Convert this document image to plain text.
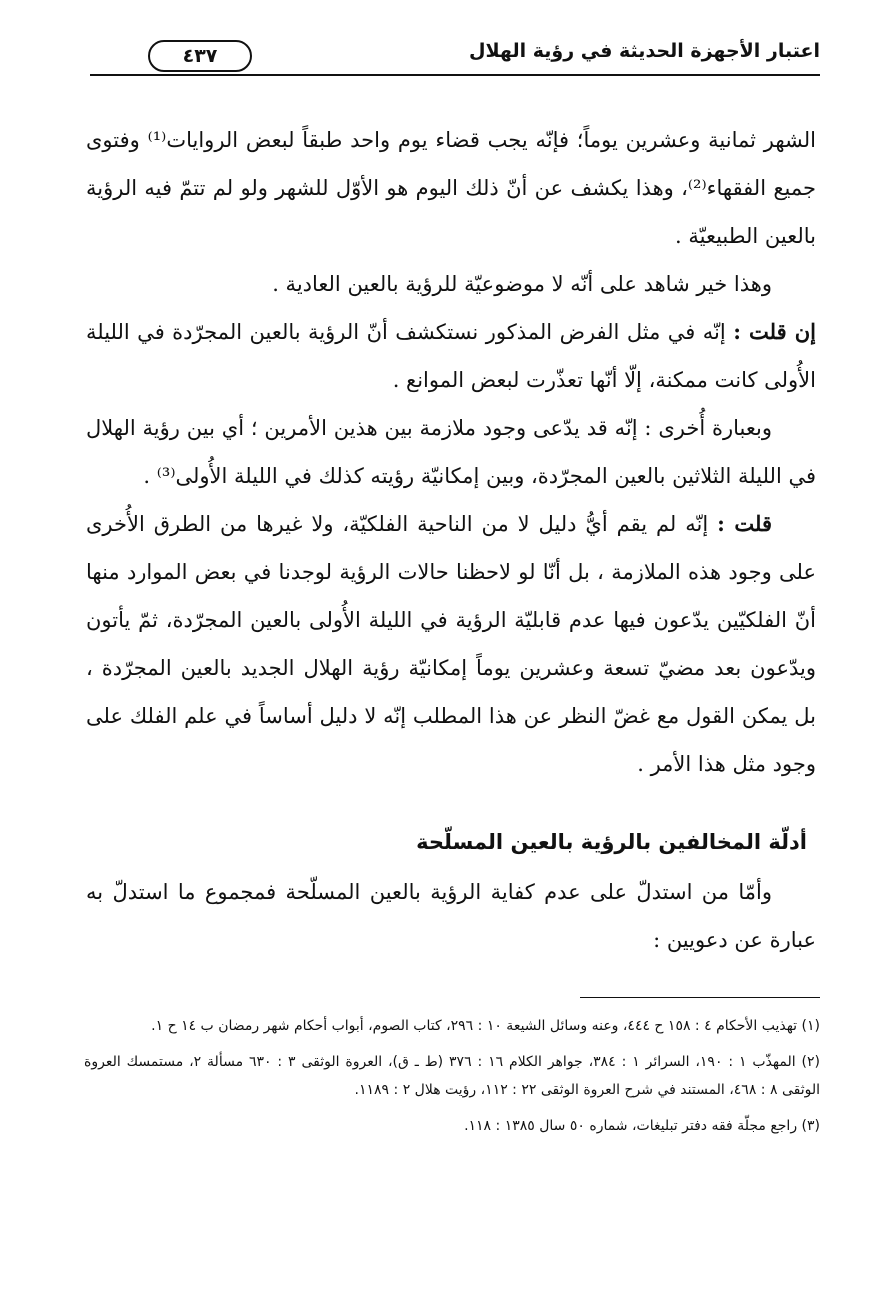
اعتبار الأجهزة الحديثة في رؤية الهلال
٤٣٧

الشهر ثمانية وعشرين يوماً؛ فإنّه يجب قضاء يوم واحد طبقاً لبعض الروايات⁽¹⁾ وفتوى جميع الفقهاء⁽²⁾، وهذا يكشف عن أنّ ذلك اليوم هو الأوّل للشهر ولو لم تتمّ فيه الرؤية بالعين الطبيعيّة .

وهذا خير شاهد على أنّه لا موضوعيّة للرؤية بالعين العادية .

إن قلت : إنّه في مثل الفرض المذكور نستكشف أنّ الرؤية بالعين المجرّدة في الليلة الأُولى كانت ممكنة، إلّا أنّها تعذّرت لبعض الموانع .

وبعبارة أُخرى : إنّه قد يدّعى وجود ملازمة بين هذين الأمرين ؛ أي بين رؤية الهلال في الليلة الثلاثين بالعين المجرّدة، وبين إمكانيّة رؤيته كذلك في الليلة الأُولى⁽³⁾ .

قلت : إنّه لم يقم أيُّ دليل لا من الناحية الفلكيّة، ولا غيرها من الطرق الأُخرى على وجود هذه الملازمة ، بل أنّا لو لاحظنا حالات الرؤية لوجدنا في بعض الموارد منها أنّ الفلكيّين يدّعون فيها عدم قابليّة الرؤية في الليلة الأُولى بالعين المجرّدة، ثمّ يأتون ويدّعون بعد مضيّ تسعة وعشرين يوماً إمكانيّة رؤية الهلال الجديد بالعين المجرّدة ، بل يمكن القول مع غضّ النظر عن هذا المطلب إنّه لا دليل أساساً في علم الفلك على وجود مثل هذا الأمر .

أدلّة المخالفين بالرؤية بالعين المسلّحة

وأمّا من استدلّ على عدم كفاية الرؤية بالعين المسلّحة فمجموع ما استدلّ به عبارة عن دعويين :

(١) تهذيب الأحكام ٤ : ١٥٨ ح ٤٤٤، وعنه وسائل الشيعة ١٠ : ٢٩٦، كتاب الصوم، أبواب أحكام شهر رمضان ب ١٤ ح ١.

(٢) المهذّب ١ : ١٩٠، السرائر ١ : ٣٨٤، جواهر الكلام ١٦ : ٣٧٦ (ط ـ ق)، العروة الوثقى ٣ : ٦٣٠ مسألة ٢، مستمسك العروة الوثقى ٨ : ٤٦٨، المستند في شرح العروة الوثقى ٢٢ : ١١٢، رؤيت هلال ٢ : ١١٨٩.

(٣) راجع مجلّة فقه دفتر تبليغات، شماره ٥٠ سال ١٣٨٥ : ١١٨.
